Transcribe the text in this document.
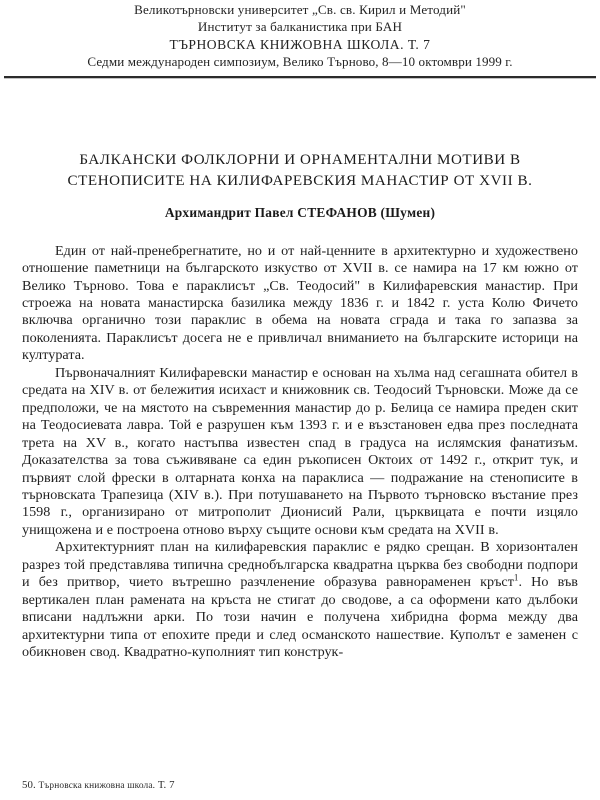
Великотърновски университет „Св. св. Кирил и Методий"
Институт за балканистика при БАН
ТЪРНОВСКА КНИЖОВНА ШКОЛА. Т. 7
Седми международен симпозиум, Велико Търново, 8—10 октомври 1999 г.
БАЛКАНСКИ ФОЛКЛОРНИ И ОРНАМЕНТАЛНИ МОТИВИ В
СТЕНОПИСИТЕ НА КИЛИФАРЕВСКИЯ МАНАСТИР ОТ XVII В.
Архимандрит Павел СТЕФАНОВ (Шумен)

Един от най-пренебрегнатите, но и от най-ценните в архитектурно и художествено отношение паметници на българското изкуство от XVII в. се намира на 17 км южно от Велико Търново. Това е параклисът „Св. Теодосий" в Килифаревския манастир. При строежа на новата манастирска базилика между 1836 г. и 1842 г. уста Колю Фичето включва органично този параклис в обема на новата сграда и така го запазва за поколенията. Параклисът досега не е привличал вниманието на българските историци на културата.

Първоначалният Килифаревски манастир е основан на хълма над сегашната обител в средата на XIV в. от бележития исихаст и книжовник св. Теодосий Търновски. Може да се предположи, че на мястото на съвременния манастир до р. Белица се намира преден скит на Теодосиевата лавра. Той е разрушен към 1393 г. и е възстановен едва през последната трета на XV в., когато настъпва известен спад в градуса на ислямския фанатизъм. Доказателства за това съживяване са един ръкописен Октоих от 1492 г., открит тук, и първият слой фрески в олтарната конха на параклиса — подражание на стенописите в търновската Трапезица (XIV в.). При потушаването на Първото търновско въстание през 1598 г., организирано от митрополит Дионисий Рали, църквицата е почти изцяло унищожена и е построена отново върху същите основи към средата на XVII в.

Архитектурният план на килифаревския параклис е рядко срещан. В хоризонтален разрез той представлява типична среднобългарска квадратна църква без свободни подпори и без притвор, чието вътрешно разчленение образува равнораменен кръст$^1$. Но във вертикален план рамената на кръста не стигат до сводове, а са оформени като дълбоки вписани надлъжни арки. По този начин е получена хибридна форма между два архитектурни типа от епохите преди и след османското нашествие. Куполът е заменен с обикновен свод. Квадратно-куполният тип конструк-

50. Търновска книжовна школа. Т. 7
